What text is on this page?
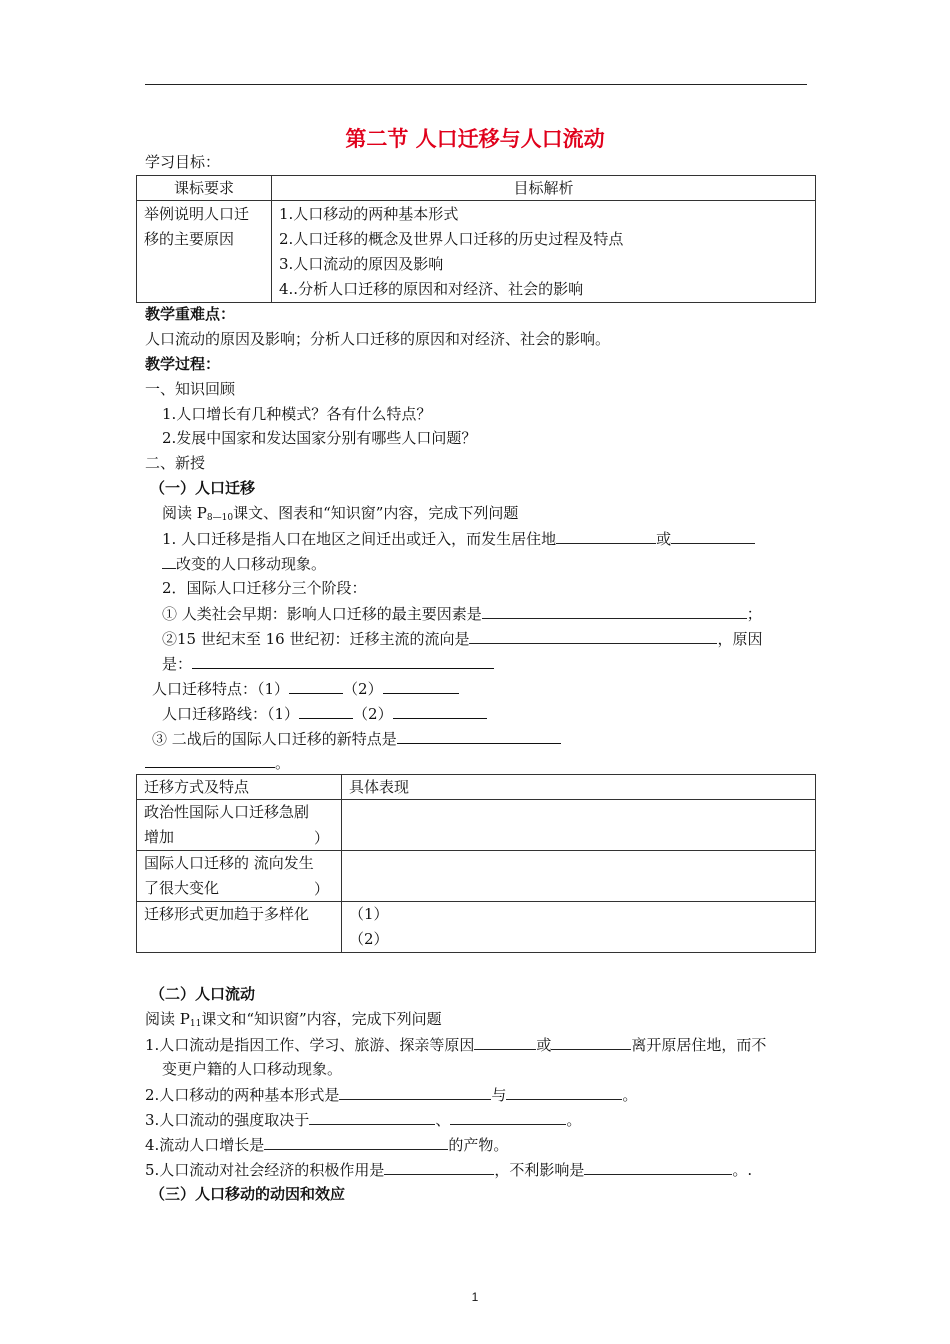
第二节 人口迁移与人口流动
学习目标：
课标要求	目标解析

举例说明人口迁
移的主要原因	1.人口移动的两种基本形式
2.人口迁移的概念及世界人口迁移的历史过程及特点
3.人口流动的原因及影响
4..分析人口迁移的原因和对经济、社会的影响
教学重难点：
人口流动的原因及影响；分析人口迁移的原因和对经济、社会的影响。
教学过程：
一、知识回顾
1.人口增长有几种模式？各有什么特点？
2.发展中国家和发达国家分别有哪些人口问题？
二、新授
（一）人口迁移
阅读 $P_{8—10}$课文、图表和“知识窗”内容，完成下列问题
1. 人口迁移是指人口在地区之间迁出或迁入，而发生居住地	或
改变的人口移动现象。
2．国际人口迁移分三个阶段：
① 人类社会早期：影响人口迁移的最主要因素是	；
②15 世纪末至 16 世纪初：迁移主流的流向是	，原因
是：
人口迁移特点：（1）	（2）
人口迁移路线：（1）	（2）
③ 二战后的国际人口迁移的新特点是
。
迁移方式及特点	具体表现

政治性国际人口迁移急剧
增加 ）	

国际人口迁移的 流向发生
了很大变化 ）	

迁移形式更加趋于多样化	（1）
（2）
（二）人口流动
阅读 $P_{11}$课文和“知识窗”内容，完成下列问题
1.人口流动是指因工作、学习、旅游、探亲等原因	或	离开原居住地，而不
变更户籍的人口移动现象。
2.人口移动的两种基本形式是	与	。
3.人口流动的强度取决于	、	。
4.流动人口增长是	的产物。
5.人口流动对社会经济的积极作用是	，不利影响是	。.
（三）人口移动的动因和效应
1
